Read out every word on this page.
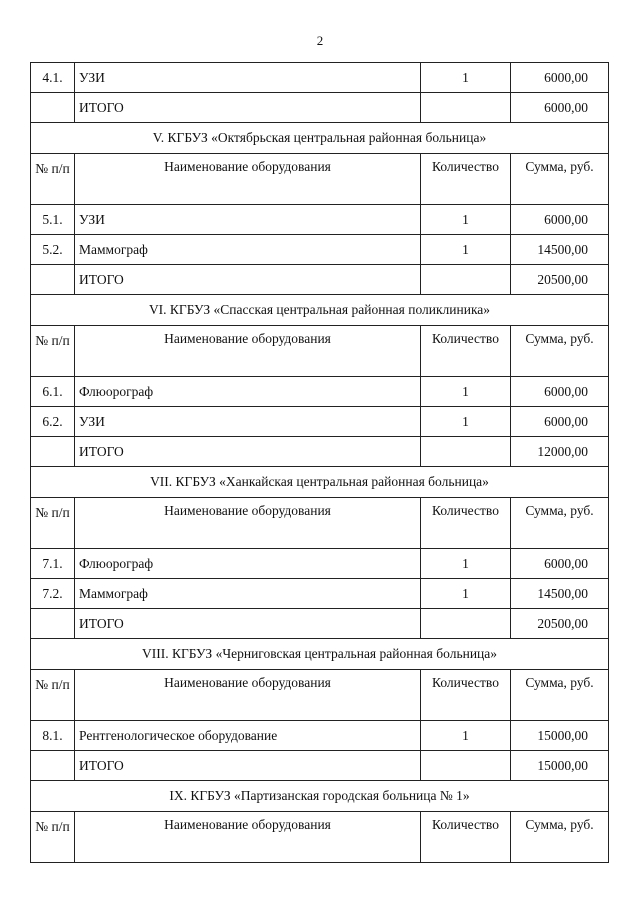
2
4.1.	УЗИ	1	6000,00
	ИТОГО		6000,00
V. КГБУЗ «Октябрьская центральная районная больница»			
№ п/п	Наименование оборудования	Количество	Сумма, руб.
5.1.	УЗИ	1	6000,00
5.2.	Маммограф	1	14500,00
	ИТОГО		20500,00
VI. КГБУЗ «Спасская центральная районная поликлиника»			
№ п/п	Наименование оборудования	Количество	Сумма, руб.
6.1.	Флюорограф	1	6000,00
6.2.	УЗИ	1	6000,00
	ИТОГО		12000,00
VII. КГБУЗ «Ханкайская центральная районная больница»			
№ п/п	Наименование оборудования	Количество	Сумма, руб.
7.1.	Флюорограф	1	6000,00
7.2.	Маммограф	1	14500,00
	ИТОГО		20500,00
VIII. КГБУЗ «Черниговская центральная районная больница»			
№ п/п	Наименование оборудования	Количество	Сумма, руб.
8.1.	Рентгенологическое оборудование	1	15000,00
	ИТОГО		15000,00
IX. КГБУЗ «Партизанская городская больница № 1»			
№ п/п	Наименование оборудования	Количество	Сумма, руб.
